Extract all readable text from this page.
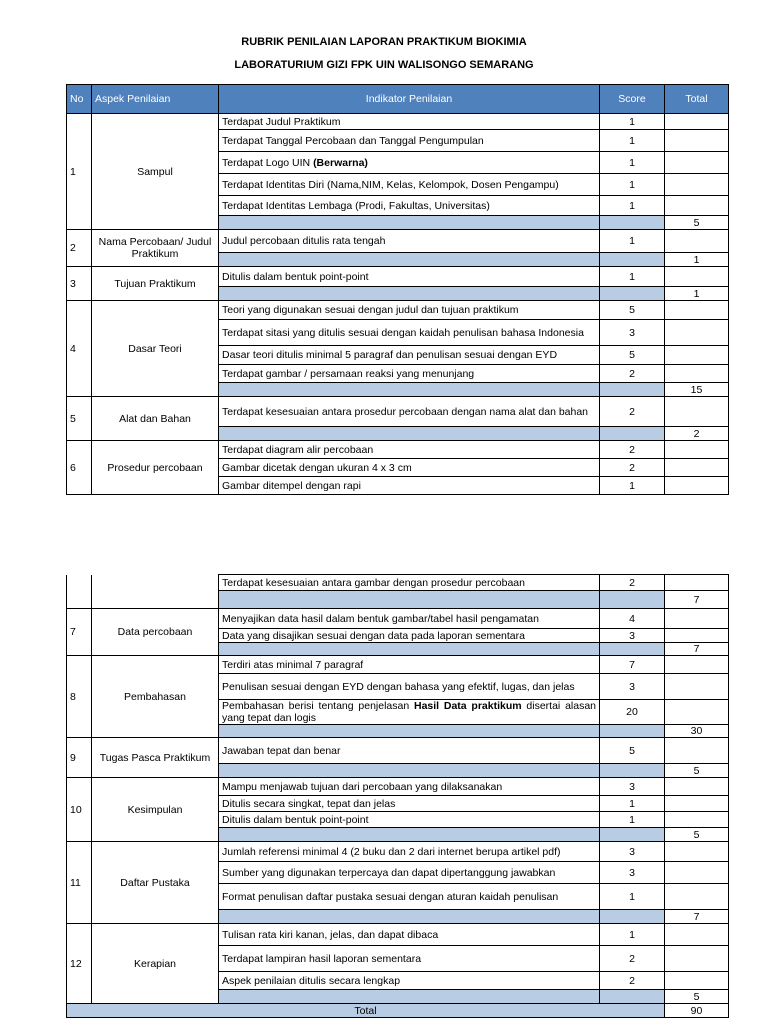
RUBRIK PENILAIAN LAPORAN PRAKTIKUM BIOKIMIA
LABORATURIUM GIZI FPK UIN WALISONGO SEMARANG
No	Aspek Penilaian	Indikator Penilaian	Score	Total
1	Sampul	Terdapat Judul Praktikum	1	
		Terdapat Tanggal Percobaan dan Tanggal Pengumpulan	1	
		Terdapat Logo UIN (Berwarna)	1	
		Terdapat Identitas Diri (Nama,NIM, Kelas, Kelompok, Dosen Pengampu)	1	
		Terdapat Identitas Lembaga (Prodi, Fakultas, Universitas)	1	
				5
2	Nama Percobaan/ Judul Praktikum	Judul percobaan ditulis rata tengah	1	
				1
3	Tujuan Praktikum	Ditulis dalam bentuk point-point	1	
				1
4	Dasar Teori	Teori yang digunakan sesuai dengan judul dan tujuan praktikum	5	
		Terdapat sitasi yang ditulis sesuai dengan kaidah penulisan bahasa Indonesia	3	
		Dasar teori ditulis minimal 5 paragraf dan penulisan sesuai dengan EYD	5	
		Terdapat gambar / persamaan reaksi yang menunjang	2	
				15
5	Alat dan Bahan	Terdapat kesesuaian antara prosedur percobaan dengan nama alat dan bahan	2	
				2
6	Prosedur percobaan	Terdapat diagram alir percobaan	2	
		Gambar dicetak dengan ukuran 4 x 3 cm	2	
		Gambar ditempel dengan rapi	1	
		Terdapat kesesuaian antara gambar dengan prosedur percobaan	2	
				7
7	Data percobaan	Menyajikan data hasil dalam bentuk gambar/tabel hasil pengamatan	4	
		Data yang disajikan sesuai dengan data pada laporan sementara	3	
				7
8	Pembahasan	Terdiri atas minimal 7 paragraf	7	
		Penulisan sesuai dengan EYD dengan bahasa yang efektif, lugas, dan jelas	3	
		Pembahasan berisi tentang penjelasan Hasil Data praktikum disertai alasan yang tepat dan logis	20	
				30
9	Tugas Pasca Praktikum	Jawaban tepat dan benar	5	
				5
10	Kesimpulan	Mampu menjawab tujuan dari percobaan yang dilaksanakan	3	
		Ditulis secara singkat, tepat dan jelas	1	
		Ditulis dalam bentuk point-point	1	
				5
11	Daftar Pustaka	Jumlah referensi minimal 4 (2 buku dan 2 dari internet berupa artikel pdf)	3	
		Sumber yang digunakan terpercaya dan dapat dipertanggung jawabkan	3	
		Format penulisan daftar pustaka sesuai dengan aturan kaidah penulisan	1	
				7
12	Kerapian	Tulisan rata kiri kanan, jelas, dan dapat dibaca	1	
		Terdapat lampiran hasil laporan sementara	2	
		Aspek penilaian ditulis secara lengkap	2	
				5
Total				90
